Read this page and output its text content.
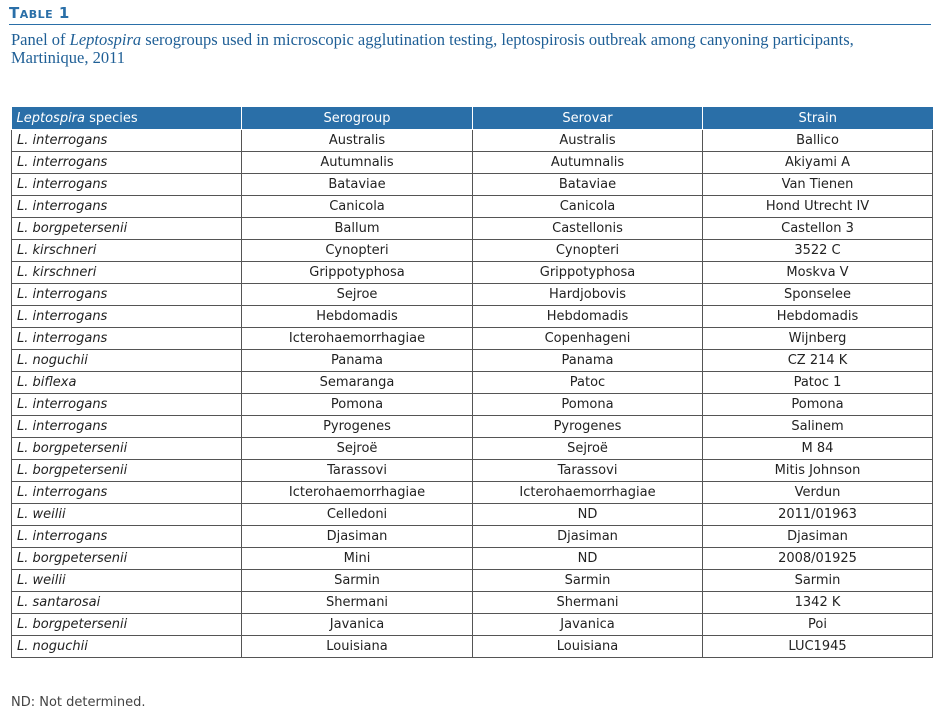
Table 1
Panel of Leptospira serogroups used in microscopic agglutination testing, leptospirosis outbreak among canyoning participants, Martinique, 2011
Leptospira species	Serogroup	Serovar	Strain
L. interrogans	Australis	Australis	Ballico
L. interrogans	Autumnalis	Autumnalis	Akiyami A
L. interrogans	Bataviae	Bataviae	Van Tienen
L. interrogans	Canicola	Canicola	Hond Utrecht IV
L. borgpetersenii	Ballum	Castellonis	Castellon 3
L. kirschneri	Cynopteri	Cynopteri	3522 C
L. kirschneri	Grippotyphosa	Grippotyphosa	Moskva V
L. interrogans	Sejroe	Hardjobovis	Sponselee
L. interrogans	Hebdomadis	Hebdomadis	Hebdomadis
L. interrogans	Icterohaemorrhagiae	Copenhageni	Wijnberg
L. noguchii	Panama	Panama	CZ 214 K
L. biflexa	Semaranga	Patoc	Patoc 1
L. interrogans	Pomona	Pomona	Pomona
L. interrogans	Pyrogenes	Pyrogenes	Salinem
L. borgpetersenii	Sejroë	Sejroë	M 84
L. borgpetersenii	Tarassovi	Tarassovi	Mitis Johnson
L. interrogans	Icterohaemorrhagiae	Icterohaemorrhagiae	Verdun
L. weilii	Celledoni	ND	2011/01963
L. interrogans	Djasiman	Djasiman	Djasiman
L. borgpetersenii	Mini	ND	2008/01925
L. weilii	Sarmin	Sarmin	Sarmin
L. santarosai	Shermani	Shermani	1342 K
L. borgpetersenii	Javanica	Javanica	Poi
L. noguchii	Louisiana	Louisiana	LUC1945
ND: Not determined.
